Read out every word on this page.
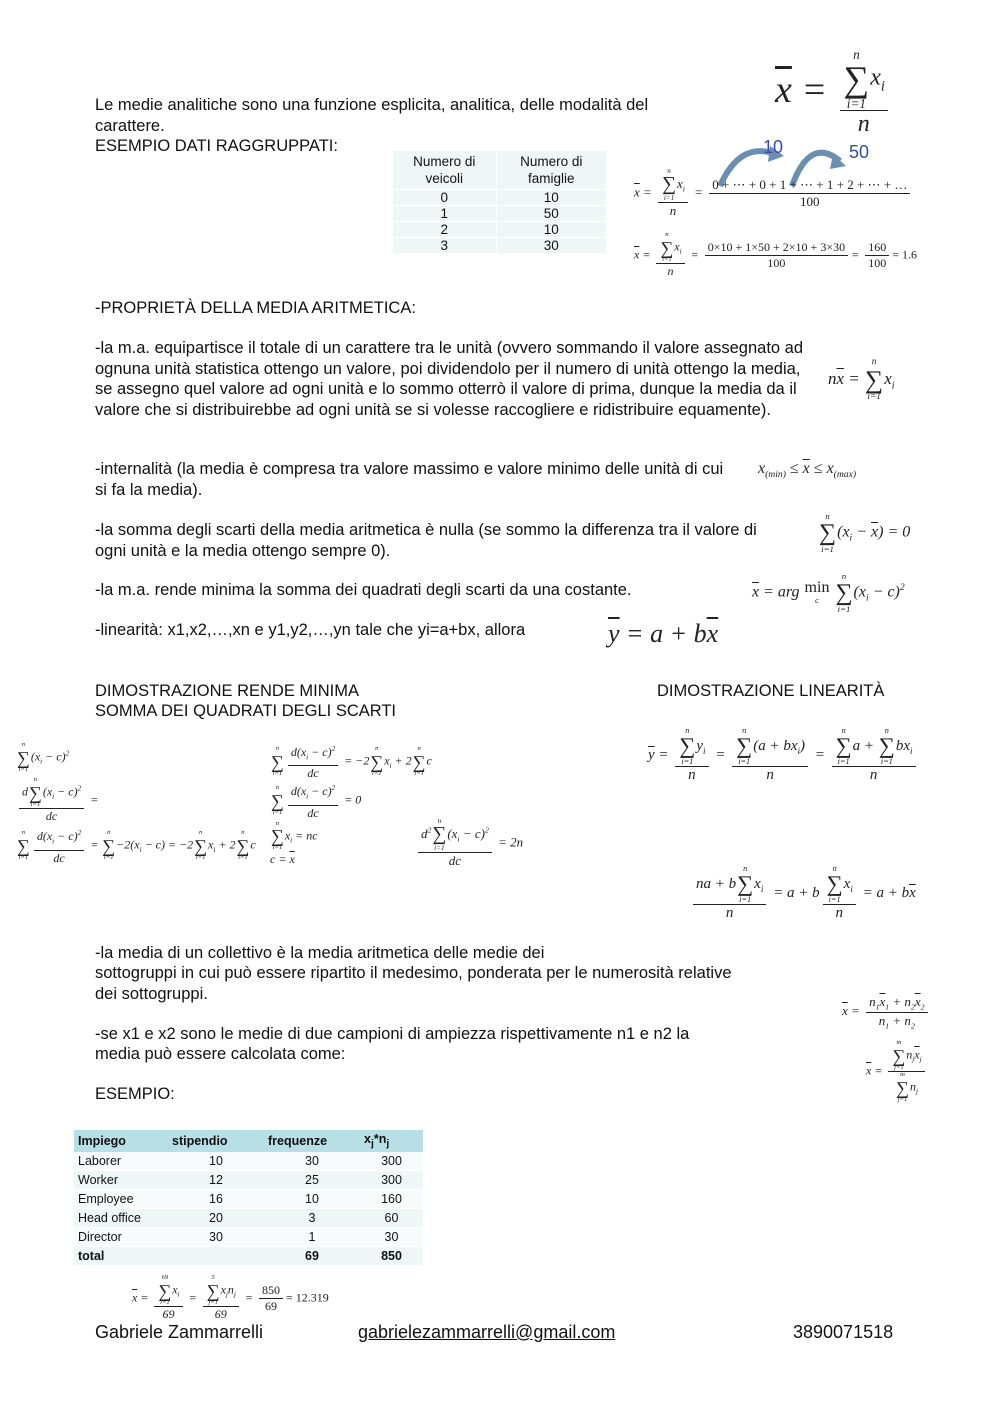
Le medie analitiche sono una funzione esplicita, analitica, delle modalità del
carattere.
ESEMPIO DATI RAGGRUPPATI:
$\overline{x} = n$
∑
i=1
$x_i$
n
Numero di veicoli	Numero di famiglie
0	10
1	50
2	10
3	30
10	50
$\overline{x} = n$
∑
i=1
$x_i$
$n = \frac{0 + \cdots + 0 + 1 + \cdots + 1 + 2 + \cdots + \dots}{100}$
$\overline{x} = n$
∑
i=1
$x_i$
$n = \frac{0\times 10 + 1\times 50 + 2\times 10 + 3\times 30}{100} = \frac{160}{100} = 1.6$
-PROPRIETÀ DELLA MEDIA ARITMETICA:
-la m.a. equipartisce il totale di un carattere tra le unità (ovvero sommando il valore assegnato ad ognuna unità statistica ottengo un valore, poi dividendolo per il numero di unità ottengo la media, se assegno quel valore ad ogni unità e lo sommo otterrò il valore di prima, dunque la media da il valore che si distribuirebbe ad ogni unità se si volesse raccogliere e ridistribuire equamente).
$n\overline{x}$ =
n
∑
i=1
$x_i$
-internalità (la media è compresa tra valore massimo e valore minimo delle unità di cui si fa la media).
$x_{(min)} \le \overline{x} \le x_{(max)}$
-la somma degli scarti della media aritmetica è nulla (se sommo la differenza tra il valore di ogni unità e la media ottengo sempre 0).
n
∑
i=1
$(x_i - \overline{x}) = 0$
-la m.a. rende minima la somma dei quadrati degli scarti da una costante.	$\overline{x}$ = arg min
c

n
∑
i=1
$(x_i - c)^2$
-linearità: x1,x2,…,xn e y1,y2,…,yn tale che yi=a+bx, allora	$\overline{y} = a + b\overline{x}$
DIMOSTRAZIONE RENDE MINIMA
SOMMA DEI QUADRATI DEGLI SCARTI
DIMOSTRAZIONE LINEARITÀ
n
∑
i=1
$(x_i - c)^2$
d
n
∑
i=1
$(x_i - c)^2$
dc =
n
∑
$i=1 \frac{d(x_i - c)^2}{dc}$ =
n
∑
i=1
$-2(x_i - c) = -2$
n
∑
i=1
$x_i + 2$
n
∑
i=1
c
n
∑
$i=1 \frac{d(x_i - c)^2}{dc} = -2$
n
∑
i=1
$x_i + 2$
n
∑
i=1
c
n
∑
$i=1 \frac{d(x_i - c)^2}{dc} = 0$
n
∑
i=1
$x_i$ = nc
$c = \overline{x}$	$d^2$
n
∑
i=1
$(x_i - c)^2$
dc = 2n
$\overline{y} = n$
∑
i=1
$y_i$
n = n
∑
i=1
$(a + bx_i)$
n = n
∑
i=1
a +
n
∑
i=1
$bx_i$
n
na + b
n
∑
i=1
$x_i$
n = a + b n
∑
i=1
$x_i$
$n = a + b\overline{x}$
-la media di un collettivo è la media aritmetica delle medie dei
sottogruppi in cui può essere ripartito il medesimo, ponderata per le numerosità relative
dei sottogruppi.
-se x1 e x2 sono le medie di due campioni di ampiezza rispettivamente n1 e n2 la
media può essere calcolata come:
ESEMPIO:
$\overline{x} = \frac{n_1\overline{x}_1 + n_2\overline{x}_2}{n_1 + n_2}$
$\overline{x} = m$
∑
j=1
$n_j\overline{x}_j$
m
∑
j=1
$n_j$
Impiego	stipendio	frequenze	$x_j*n_j$
Laborer	10	30	300
Worker	12	25	300
Employee	16	10	160
Head office	20	3	60
Director	30	1	30
total		69	850
$\overline{x} = 69$
∑
i=1
$x_i$
69 = 5
∑
j=1
$x_jn_j$
$69 = \frac{850}{69} = 12.319$
Gabriele Zammarrelli	gabrielezammarrelli@gmail.com	3890071518
